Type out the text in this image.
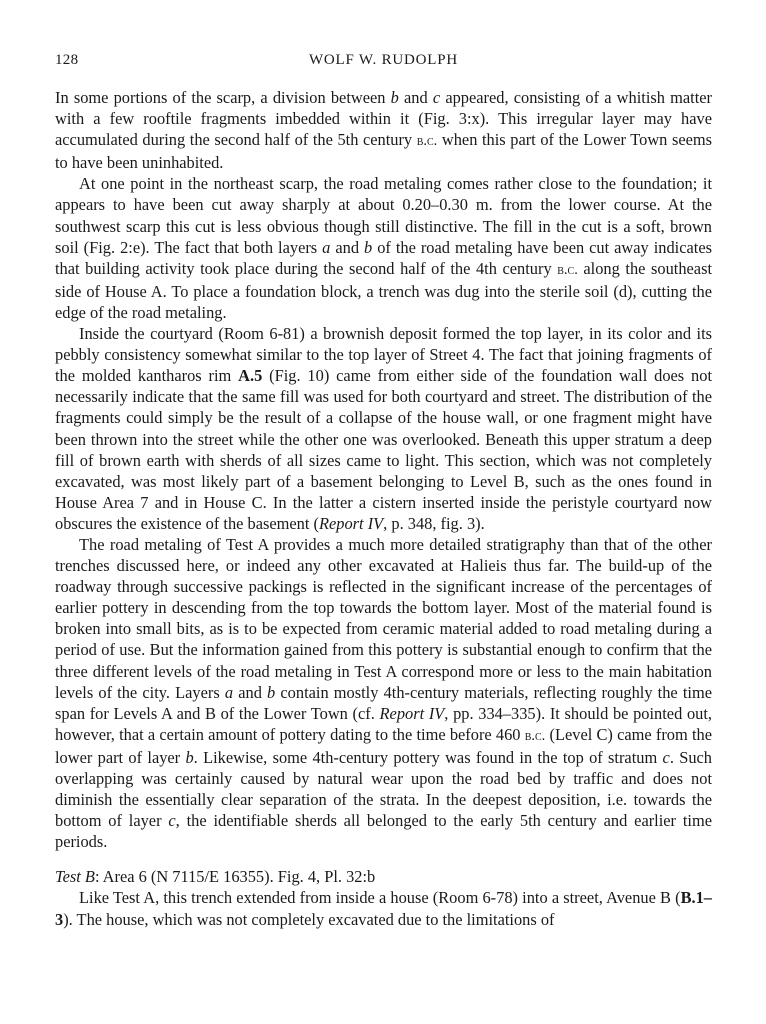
128	WOLF W. RUDOLPH

In some portions of the scarp, a division between b and c appeared, consisting of a whitish matter with a few rooftile fragments imbedded within it (Fig. 3:x). This irregular layer may have accumulated during the second half of the 5th century b.c. when this part of the Lower Town seems to have been uninhabited.

At one point in the northeast scarp, the road metaling comes rather close to the foundation; it appears to have been cut away sharply at about 0.20–0.30 m. from the lower course. At the southwest scarp this cut is less obvious though still distinctive. The fill in the cut is a soft, brown soil (Fig. 2:e). The fact that both layers a and b of the road metaling have been cut away indicates that building activity took place during the second half of the 4th century b.c. along the southeast side of House A. To place a foundation block, a trench was dug into the sterile soil (d), cutting the edge of the road metaling.

Inside the courtyard (Room 6-81) a brownish deposit formed the top layer, in its color and its pebbly consistency somewhat similar to the top layer of Street 4. The fact that joining fragments of the molded kantharos rim A.5 (Fig. 10) came from either side of the foundation wall does not necessarily indicate that the same fill was used for both courtyard and street. The distribution of the fragments could simply be the result of a collapse of the house wall, or one fragment might have been thrown into the street while the other one was overlooked. Beneath this upper stratum a deep fill of brown earth with sherds of all sizes came to light. This section, which was not completely excavated, was most likely part of a basement belonging to Level B, such as the ones found in House Area 7 and in House C. In the latter a cistern inserted inside the peristyle courtyard now obscures the existence of the basement (Report IV, p. 348, fig. 3).

The road metaling of Test A provides a much more detailed stratigraphy than that of the other trenches discussed here, or indeed any other excavated at Halieis thus far. The build-up of the roadway through successive packings is reflected in the significant increase of the percentages of earlier pottery in descending from the top towards the bottom layer. Most of the material found is broken into small bits, as is to be expected from ceramic material added to road metaling during a period of use. But the information gained from this pottery is substantial enough to confirm that the three different levels of the road metaling in Test A correspond more or less to the main habitation levels of the city. Layers a and b contain mostly 4th-century materials, reflecting roughly the time span for Levels A and B of the Lower Town (cf. Report IV, pp. 334–335). It should be pointed out, however, that a certain amount of pottery dating to the time before 460 b.c. (Level C) came from the lower part of layer b. Likewise, some 4th-century pottery was found in the top of stratum c. Such overlapping was certainly caused by natural wear upon the road bed by traffic and does not diminish the essentially clear separation of the strata. In the deepest deposition, i.e. towards the bottom of layer c, the identifiable sherds all belonged to the early 5th century and earlier time periods.

Test B: Area 6 (N 7115/E 16355). Fig. 4, Pl. 32:b

Like Test A, this trench extended from inside a house (Room 6-78) into a street, Avenue B (B.1–3). The house, which was not completely excavated due to the limitations of
